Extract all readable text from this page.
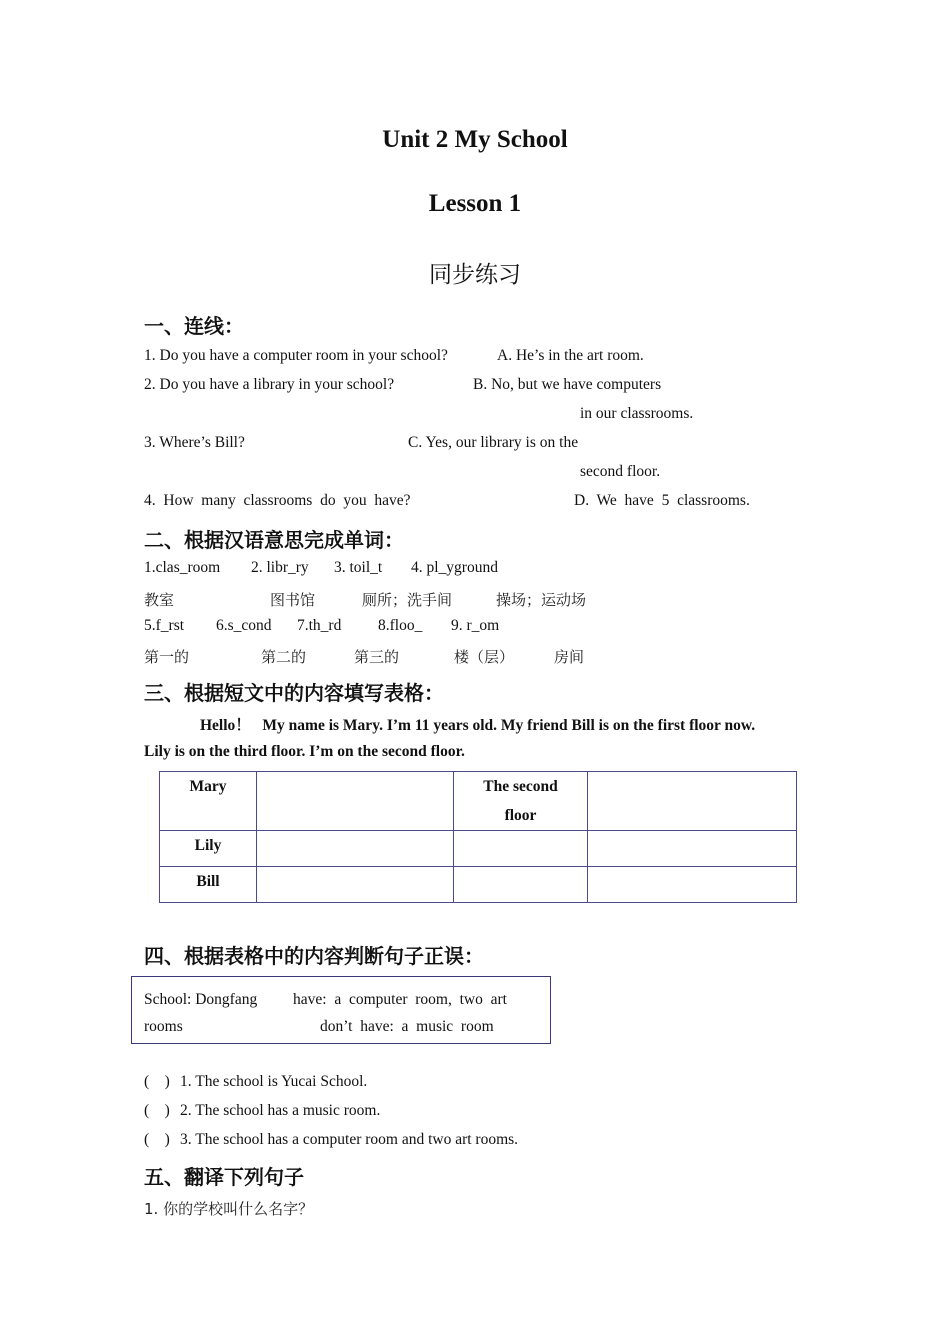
Unit 2 My School
Lesson 1
同步练习
一、连线：
1. Do you have a computer room in your school?	A. He’s in the art room.
2. Do you have a library in your school?	B. No, but we have computers
in our classrooms.
3. Where’s Bill?	C. Yes, our library is on the
second floor.
4.  How  many  classrooms  do  you  have?	D.  We  have  5  classrooms.
二、根据汉语意思完成单词：
1.clas_room 2. libr_ry 3. toil_t 4. pl_yground
教室	图书馆	厕所；洗手间	操场；运动场
5.f_rst 6.s_cond 7.th_rd 8.floo_ 9. r_om
第一的	第二的	第三的	楼（层）	房间
三、根据短文中的内容填写表格：
Hello！   My name is Mary. I’m 11 years old. My friend Bill is on the first floor now.
Lily is on the third floor. I’m on the second floor.
Mary		The second floor	
Lily			
Bill			
四、根据表格中的内容判断句子正误：
School: Dongfang have:  a  computer  room,  two  art
rooms	don’t  have:  a  music  room
(    ) 1. The school is Yucai School.
(    ) 2. The school has a music room.
(    ) 3. The school has a computer room and two art rooms.
五、翻译下列句子
1. 你的学校叫什么名字？
